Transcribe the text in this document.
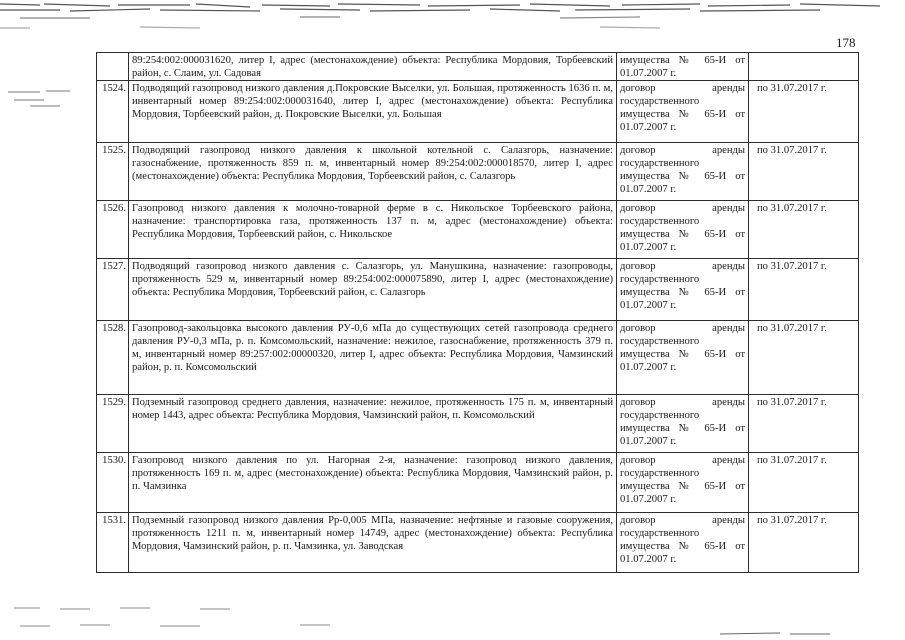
178
	89:254:002:000031620, литер I, адрес (местонахождение) объекта: Республика Мордовия, Торбеевский район, с. Слаим, ул. Садовая	имущества № 65-И от 01.07.2007 г.	
1524.	Подводящий газопровод низкого давления д.Покровские Выселки, ул. Большая, протяженность 1636 п. м, инвентарный номер 89:254:002:000031640, литер I, адрес (местонахождение) объекта: Республика Мордовия, Торбеевский район, д. Покровские Выселки, ул. Большая	договор аренды государственного имущества № 65-И от 01.07.2007 г.	по 31.07.2017 г.
1525.	Подводящий газопровод низкого давления к школьной котельной с. Салазгорь, назначение: газоснабжение, протяженность 859 п. м, инвентарный номер 89:254:002:000018570, литер I, адрес (местонахождение) объекта: Республика Мордовия, Торбеевский район, с. Салазгорь	договор аренды государственного имущества № 65-И от 01.07.2007 г.	по 31.07.2017 г.
1526.	Газопровод низкого давления к молочно-товарной ферме в с. Никольское Торбеевского района, назначение: транспортировка газа, протяженность 137 п. м, адрес (местонахождение) объекта: Республика Мордовия, Торбеевский район, с. Никольское	договор аренды государственного имущества № 65-И от 01.07.2007 г.	по 31.07.2017 г.
1527.	Подводящий газопровод низкого давления с. Салазгорь, ул. Манушкина, назначение: газопроводы, протяженность 529 м, инвентарный номер 89:254:002:000075890, литер I, адрес (местонахождение) объекта: Республика Мордовия, Торбеевский район, с. Салазгорь	договор аренды государственного имущества № 65-И от 01.07.2007 г.	по 31.07.2017 г.
1528.	Газопровод-закольцовка высокого давления РУ-0,6 мПа до существующих сетей газопровода среднего давления РУ-0,3 мПа, р. п. Комсомольский, назначение: нежилое, газоснабжение, протяженность 379 п. м, инвентарный номер 89:257:002:00000320, литер I, адрес объекта: Республика Мордовия, Чамзинский район, р. п. Комсомольский	договор аренды государственного имущества № 65-И от 01.07.2007 г.	по 31.07.2017 г.
1529.	Подземный газопровод среднего давления, назначение: нежилое, протяженность 175 п. м, инвентарный номер 1443, адрес объекта: Республика Мордовия, Чамзинский район, п. Комсомольский	договор аренды государственного имущества № 65-И от 01.07.2007 г.	по 31.07.2017 г.
1530.	Газопровод низкого давления по ул. Нагорная 2-я, назначение: газопровод низкого давления, протяженность 169 п. м, адрес (местонахождение) объекта: Республика Мордовия, Чамзинский район, р. п. Чамзинка	договор аренды государственного имущества № 65-И от 01.07.2007 г.	по 31.07.2017 г.
1531.	Подземный газопровод низкого давления Рр-0,005 МПа, назначение: нефтяные и газовые сооружения, протяженность 1211 п. м, инвентарный номер 14749, адрес (местонахождение) объекта: Республика Мордовия, Чамзинский район, р. п. Чамзинка, ул. Заводская	договор аренды государственного имущества № 65-И от 01.07.2007 г.	по 31.07.2017 г.
